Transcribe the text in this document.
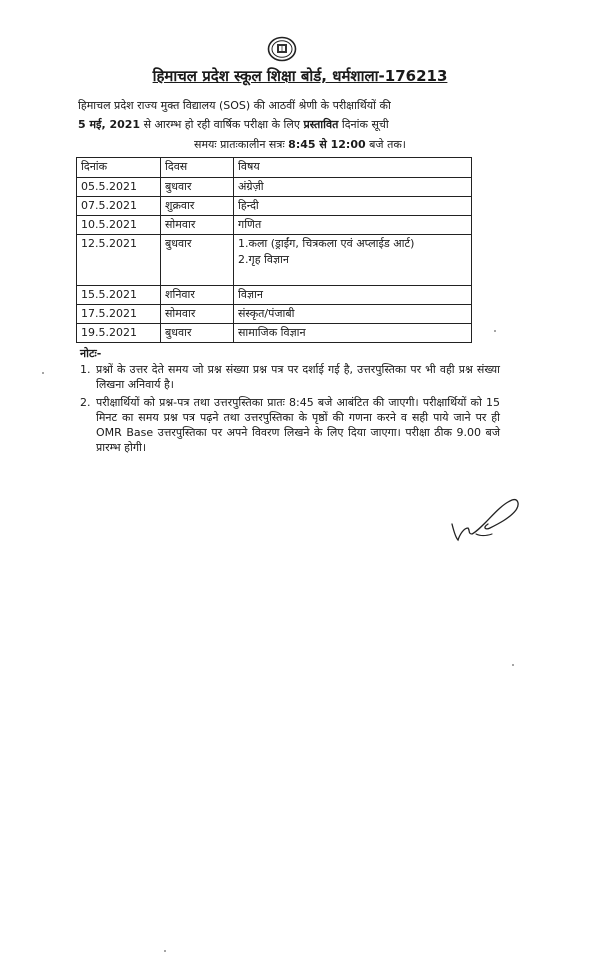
हिमाचल प्रदेश स्कूल शिक्षा बोर्ड, धर्मशाला-176213
हिमाचल प्रदेश राज्य मुक्त विद्यालय (SOS) की आठवीं श्रेणी के परीक्षार्थियों की
5 मई, 2021 से आरम्भ हो रही वार्षिक परीक्षा के लिए प्रस्तावित दिनांक सूची
समयः प्रातःकालीन सत्रः 8:45 से 12:00 बजे तक।
दिनांक	दिवस	विषय
05.5.2021	बुधवार	अंग्रेज़ी
07.5.2021	शुक्रवार	हिन्दी
10.5.2021	सोमवार	गणित
12.5.2021	बुधवार	1.कला (ड्राईंग, चित्रकला एवं अप्लाईड आर्ट)
2.गृह विज्ञान

15.5.2021	शनिवार	विज्ञान
17.5.2021	सोमवार	संस्कृत/पंजाबी
19.5.2021	बुधवार	सामाजिक विज्ञान
नोटः-
1. प्रश्नों के उत्तर देते समय जो प्रश्न संख्या प्रश्न पत्र पर दर्शाई गई है, उत्तरपुस्तिका पर भी वही प्रश्न संख्या लिखना अनिवार्य है।
2. परीक्षार्थियों को प्रश्न-पत्र तथा उत्तरपुस्तिका प्रातः 8:45 बजे आबंटित की जाएगी। परीक्षार्थियों को 15 मिनट का समय प्रश्न पत्र पढ़ने तथा उत्तरपुस्तिका के पृष्ठों की गणना करने व सही पाये जाने पर ही OMR Base उत्तरपुस्तिका पर अपने विवरण लिखने के लिए दिया जाएगा। परीक्षा ठीक 9.00 बजे प्रारम्भ होगी।
